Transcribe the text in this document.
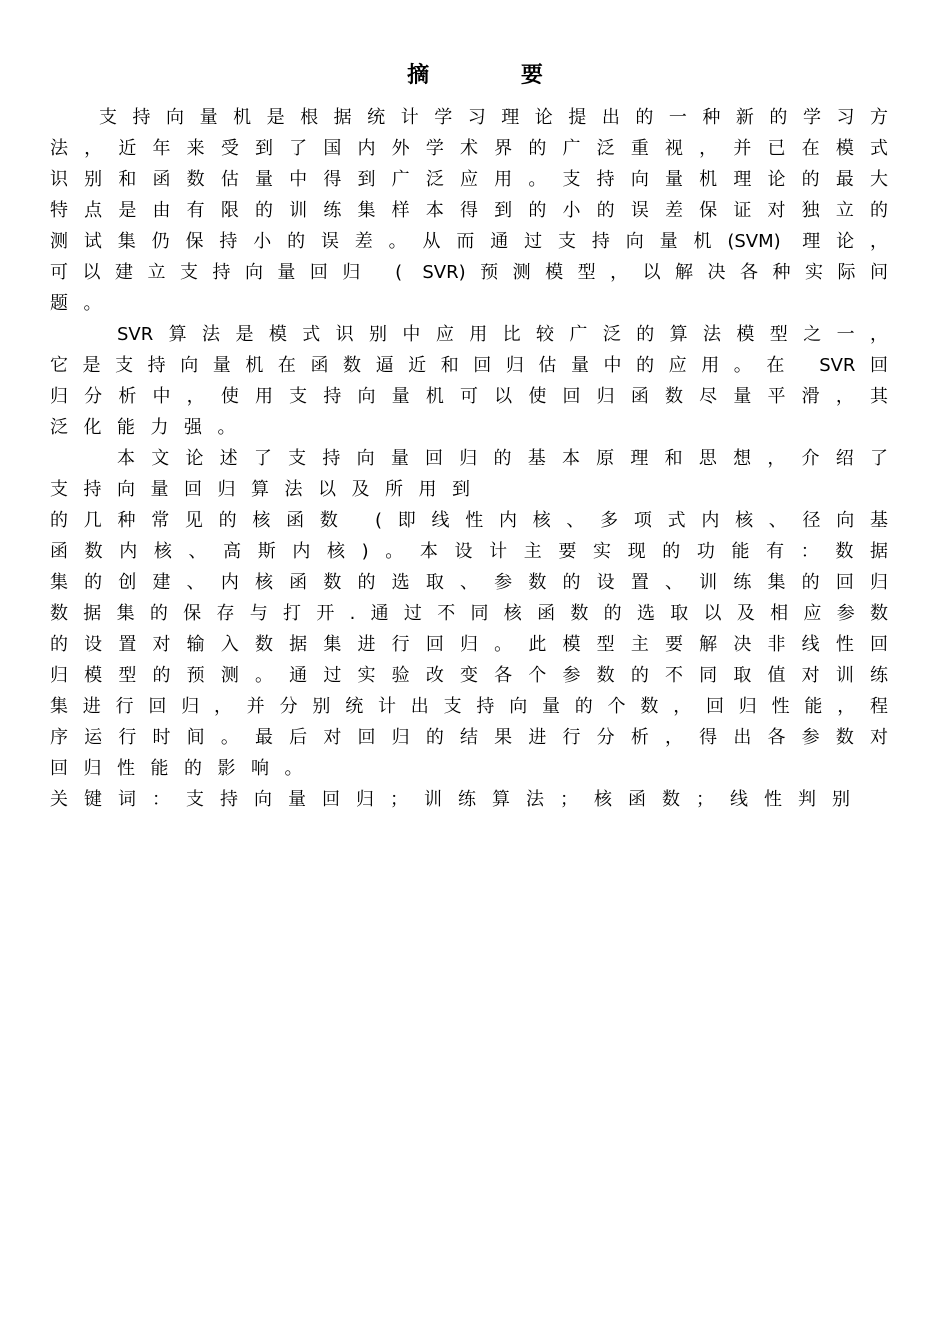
摘 要
支持向量机是根据统计学习理论提出的一种新的学习方
法，近年来受到了国内外学术界的广泛重视，并已在模式
识别和函数估量中得到广泛应用。支持向量机理论的最大
特点是由有限的训练集样本得到的小的误差保证对独立的
测试集仍保持小的误差。从而通过支持向量机(SVM) 理论，
可以建立支持向量回归 ( SVR)预测模型，以解决各种实际问
题。
SVR算法是模式识别中应用比较广泛的算法模型之一，
它是支持向量机在函数逼近和回归估量中的应用。在 SVR回
归分析中，使用支持向量机可以使回归函数尽量平滑，其
泛化能力强。
本文论述了支持向量回归的基本原理和思想，介绍了
支持向量回归算法以及所用到
的几种常见的核函数 (即线性内核、多项式内核、径向基
函数内核、高斯内核)。本设计主要实现的功能有：数据
集的创建、内核函数的选取、参数的设置、训练集的回归
数据集的保存与打开.通过不同核函数的选取以及相应参数
的设置对输入数据集进行回归。此模型主要解决非线性回
归模型的预测。通过实验改变各个参数的不同取值对训练
集进行回归，并分别统计出支持向量的个数，回归性能，程
序运行时间。最后对回归的结果进行分析，得出各参数对
回归性能的影响。
关键词：支持向量回归；训练算法；核函数；线性判别
